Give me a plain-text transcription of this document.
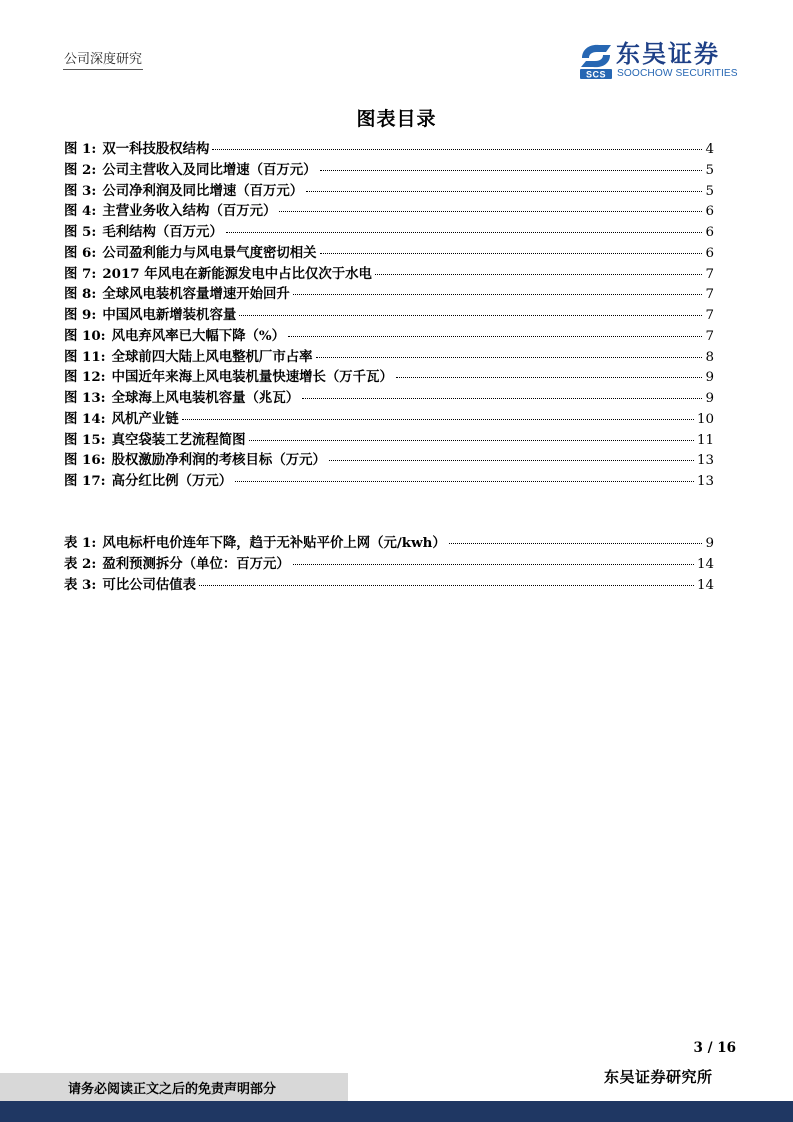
公司深度研究
SCS
东吴证券
SOOCHOW SECURITIES
图表目录
图 1: 双一科技股权结构	4
图 2: 公司主营收入及同比增速（百万元）	5
图 3: 公司净利润及同比增速（百万元）	5
图 4: 主营业务收入结构（百万元）	6
图 5: 毛利结构（百万元）	6
图 6: 公司盈利能力与风电景气度密切相关	6
图 7: 2017 年风电在新能源发电中占比仅次于水电	7
图 8: 全球风电装机容量增速开始回升	7
图 9: 中国风电新增装机容量	7
图 10: 风电弃风率已大幅下降（%）	7
图 11: 全球前四大陆上风电整机厂市占率	8
图 12: 中国近年来海上风电装机量快速增长（万千瓦）	9
图 13: 全球海上风电装机容量（兆瓦）	9
图 14: 风机产业链	10
图 15: 真空袋装工艺流程简图	11
图 16: 股权激励净利润的考核目标（万元）	13
图 17: 高分红比例（万元）	13
表 1: 风电标杆电价连年下降，趋于无补贴平价上网（元/kwh）	9
表 2: 盈利预测拆分（单位：百万元）	14
表 3: 可比公司估值表	14
3 / 16
东吴证券研究所
请务必阅读正文之后的免责声明部分
